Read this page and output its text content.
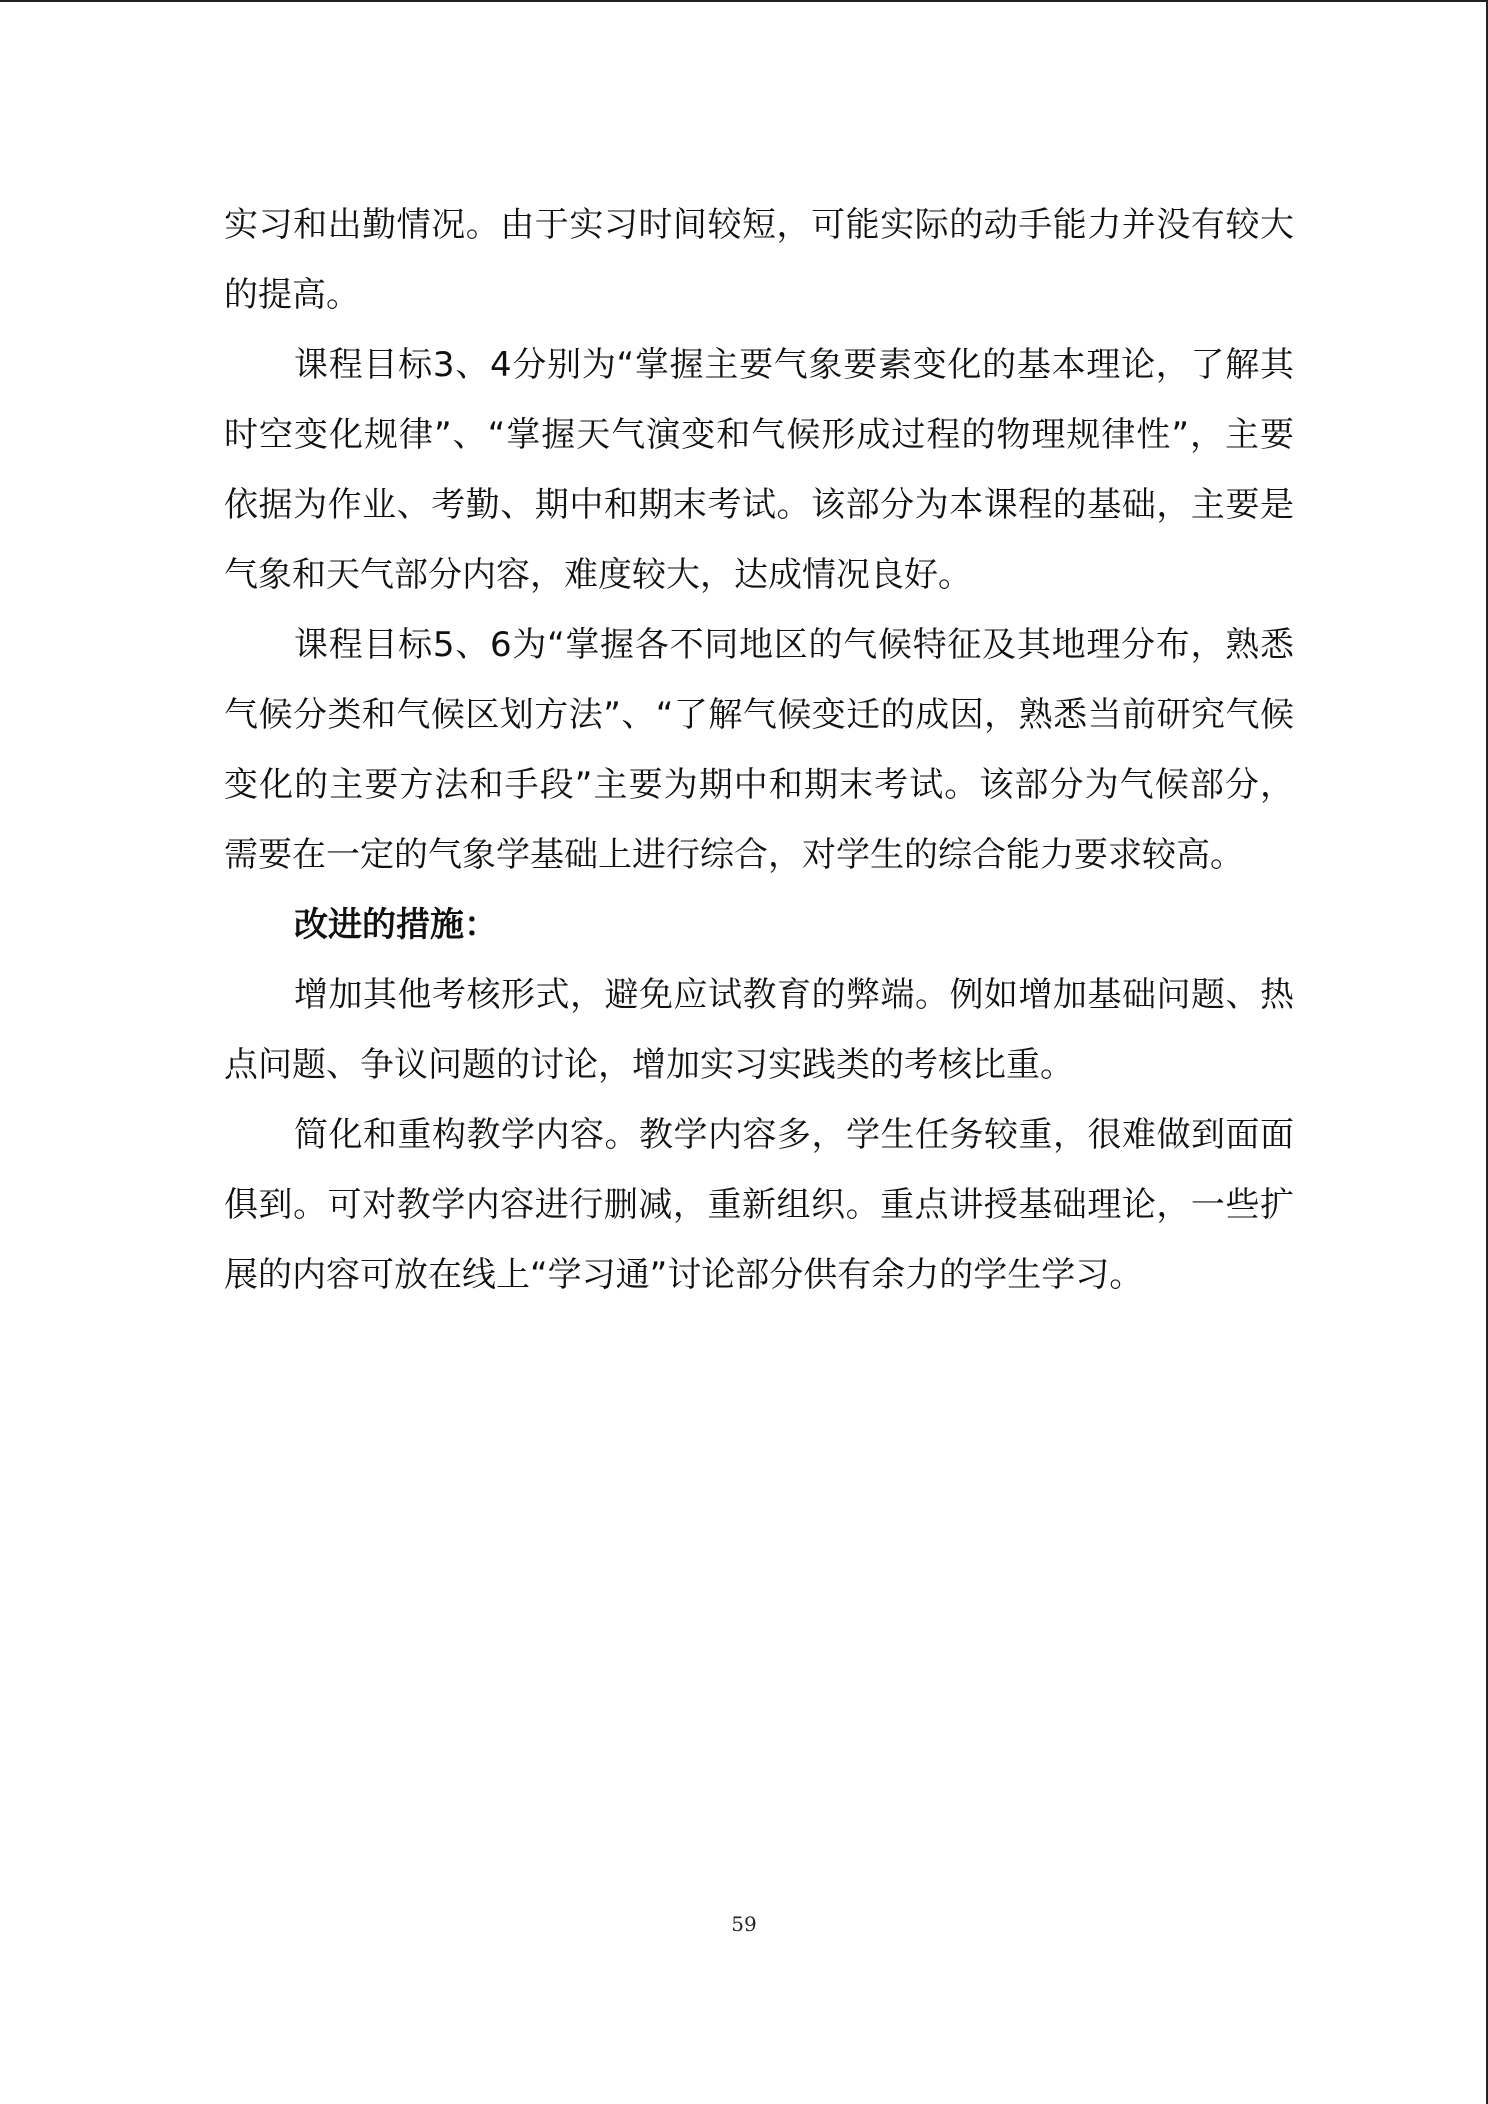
实习和出勤情况。由于实习时间较短，可能实际的动手能力并没有较大的提高。

课程目标3、4分别为“掌握主要气象要素变化的基本理论，了解其时空变化规律”、“掌握天气演变和气候形成过程的物理规律性”，主要依据为作业、考勤、期中和期末考试。该部分为本课程的基础，主要是气象和天气部分内容，难度较大，达成情况良好。

课程目标5、6为“掌握各不同地区的气候特征及其地理分布，熟悉气候分类和气候区划方法”、“了解气候变迁的成因，熟悉当前研究气候变化的主要方法和手段”主要为期中和期末考试。该部分为气候部分，需要在一定的气象学基础上进行综合，对学生的综合能力要求较高。

改进的措施：

增加其他考核形式，避免应试教育的弊端。例如增加基础问题、热点问题、争议问题的讨论，增加实习实践类的考核比重。

简化和重构教学内容。教学内容多，学生任务较重，很难做到面面俱到。可对教学内容进行删减，重新组织。重点讲授基础理论，一些扩展的内容可放在线上“学习通”讨论部分供有余力的学生学习。

59
